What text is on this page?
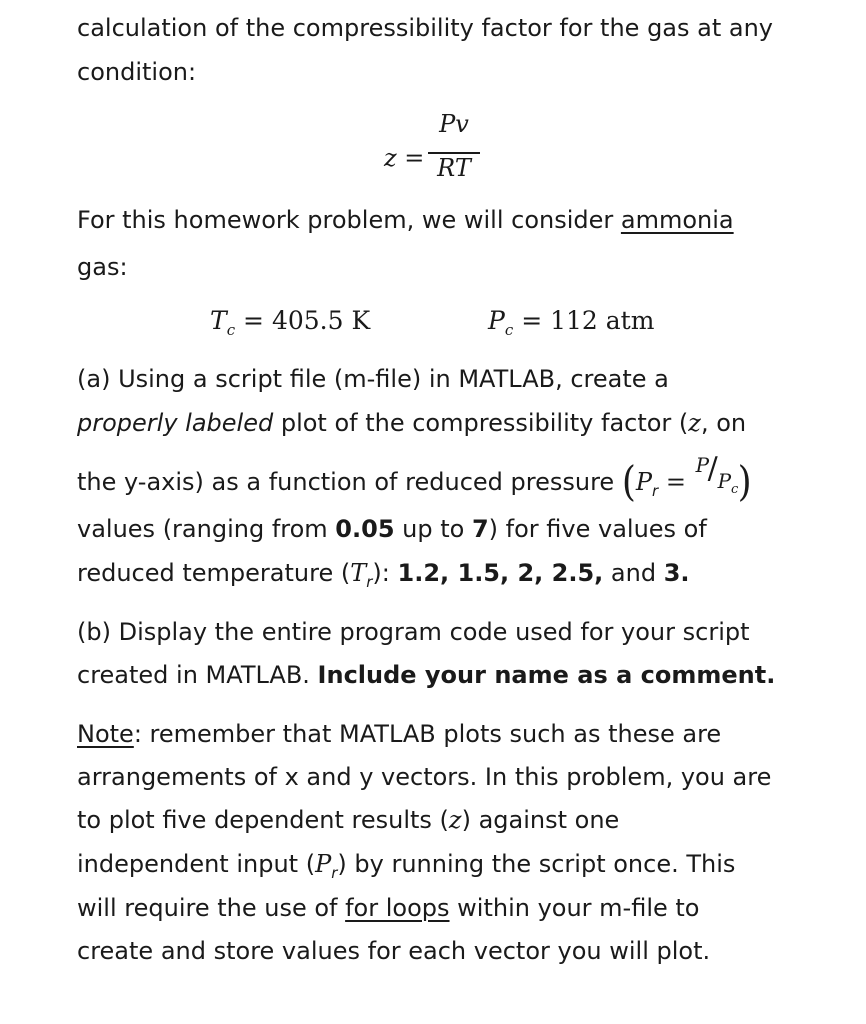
calculation of the compressibility factor for the gas at any
condition:
z =
Pv
RT
For this homework problem, we will consider ammonia
gas:
$T_c = 405.5$ K	$P_c = 112$ atm
(a) Using a script file (m-file) in MATLAB, create a
properly labeled plot of the compressibility factor (z, on
the y-axis) as a function of reduced pressure ($P_r$ =
P
/ $P_c$ )
values (ranging from 0.05 up to 7) for five values of
reduced temperature $(T_r)$: 1.2, 1.5, 2, 2.5, and 3.
(b) Display the entire program code used for your script
created in MATLAB. Include your name as a comment.
Note: remember that MATLAB plots such as these are
arrangements of x and y vectors. In this problem, you are
to plot five dependent results (z) against one
independent input $(P_r)$ by running the script once. This
will require the use of for loops within your m-file to
create and store values for each vector you will plot.
